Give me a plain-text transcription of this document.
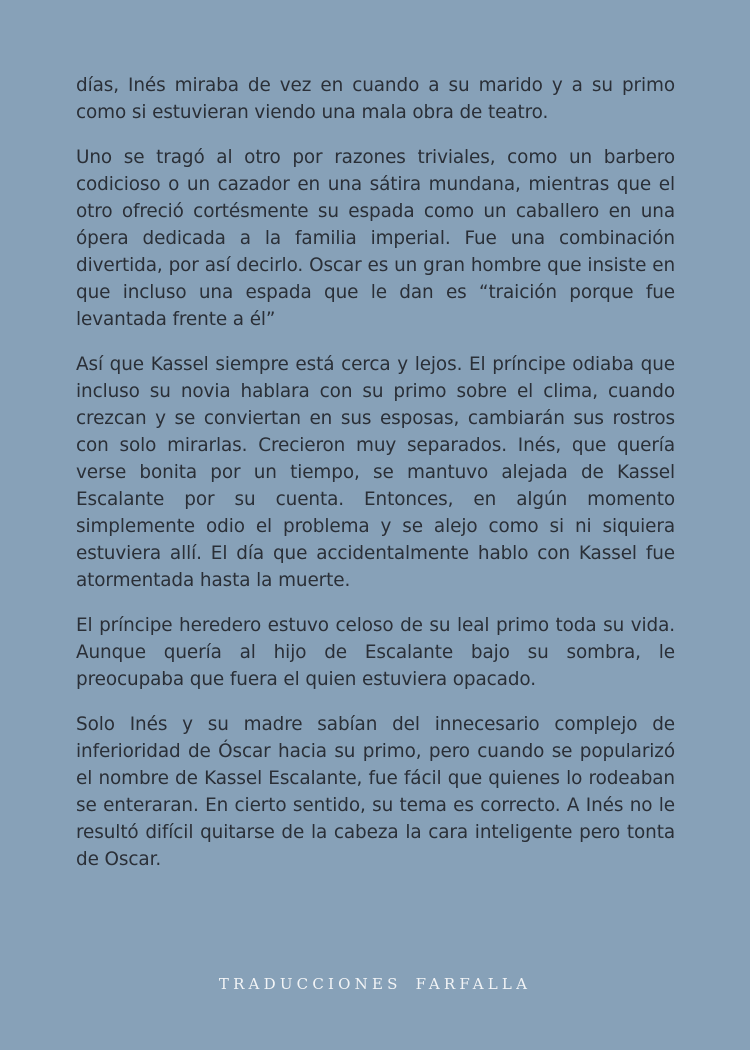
días, Inés miraba de vez en cuando a su marido y a su primo como si estuvieran viendo una mala obra de teatro.

Uno se tragó al otro por razones triviales, como un barbero codicioso o un cazador en una sátira mundana, mientras que el otro ofreció cortésmente su espada como un caballero en una ópera dedicada a la familia imperial. Fue una combinación divertida, por así decirlo. Oscar es un gran hombre que insiste en que incluso una espada que le dan es “traición porque fue levantada frente a él”

Así que Kassel siempre está cerca y lejos. El príncipe odiaba que incluso su novia hablara con su primo sobre el clima, cuando crezcan y se conviertan en sus esposas, cambiarán sus rostros con solo mirarlas. Crecieron muy separados. Inés, que quería verse bonita por un tiempo, se mantuvo alejada de Kassel Escalante por su cuenta. Entonces, en algún momento simplemente odio el problema y se alejo como si ni siquiera estuviera allí. El día que accidentalmente hablo con Kassel fue atormentada hasta la muerte.

El príncipe heredero estuvo celoso de su leal primo toda su vida. Aunque quería al hijo de Escalante bajo su sombra, le preocupaba que fuera el quien estuviera opacado.

Solo Inés y su madre sabían del innecesario complejo de inferioridad de Óscar hacia su primo, pero cuando se popularizó el nombre de Kassel Escalante, fue fácil que quienes lo rodeaban se enteraran. En cierto sentido, su tema es correcto. A Inés no le resultó difícil quitarse de la cabeza la cara inteligente pero tonta de Oscar.

TRADUCCIONES FARFALLA
